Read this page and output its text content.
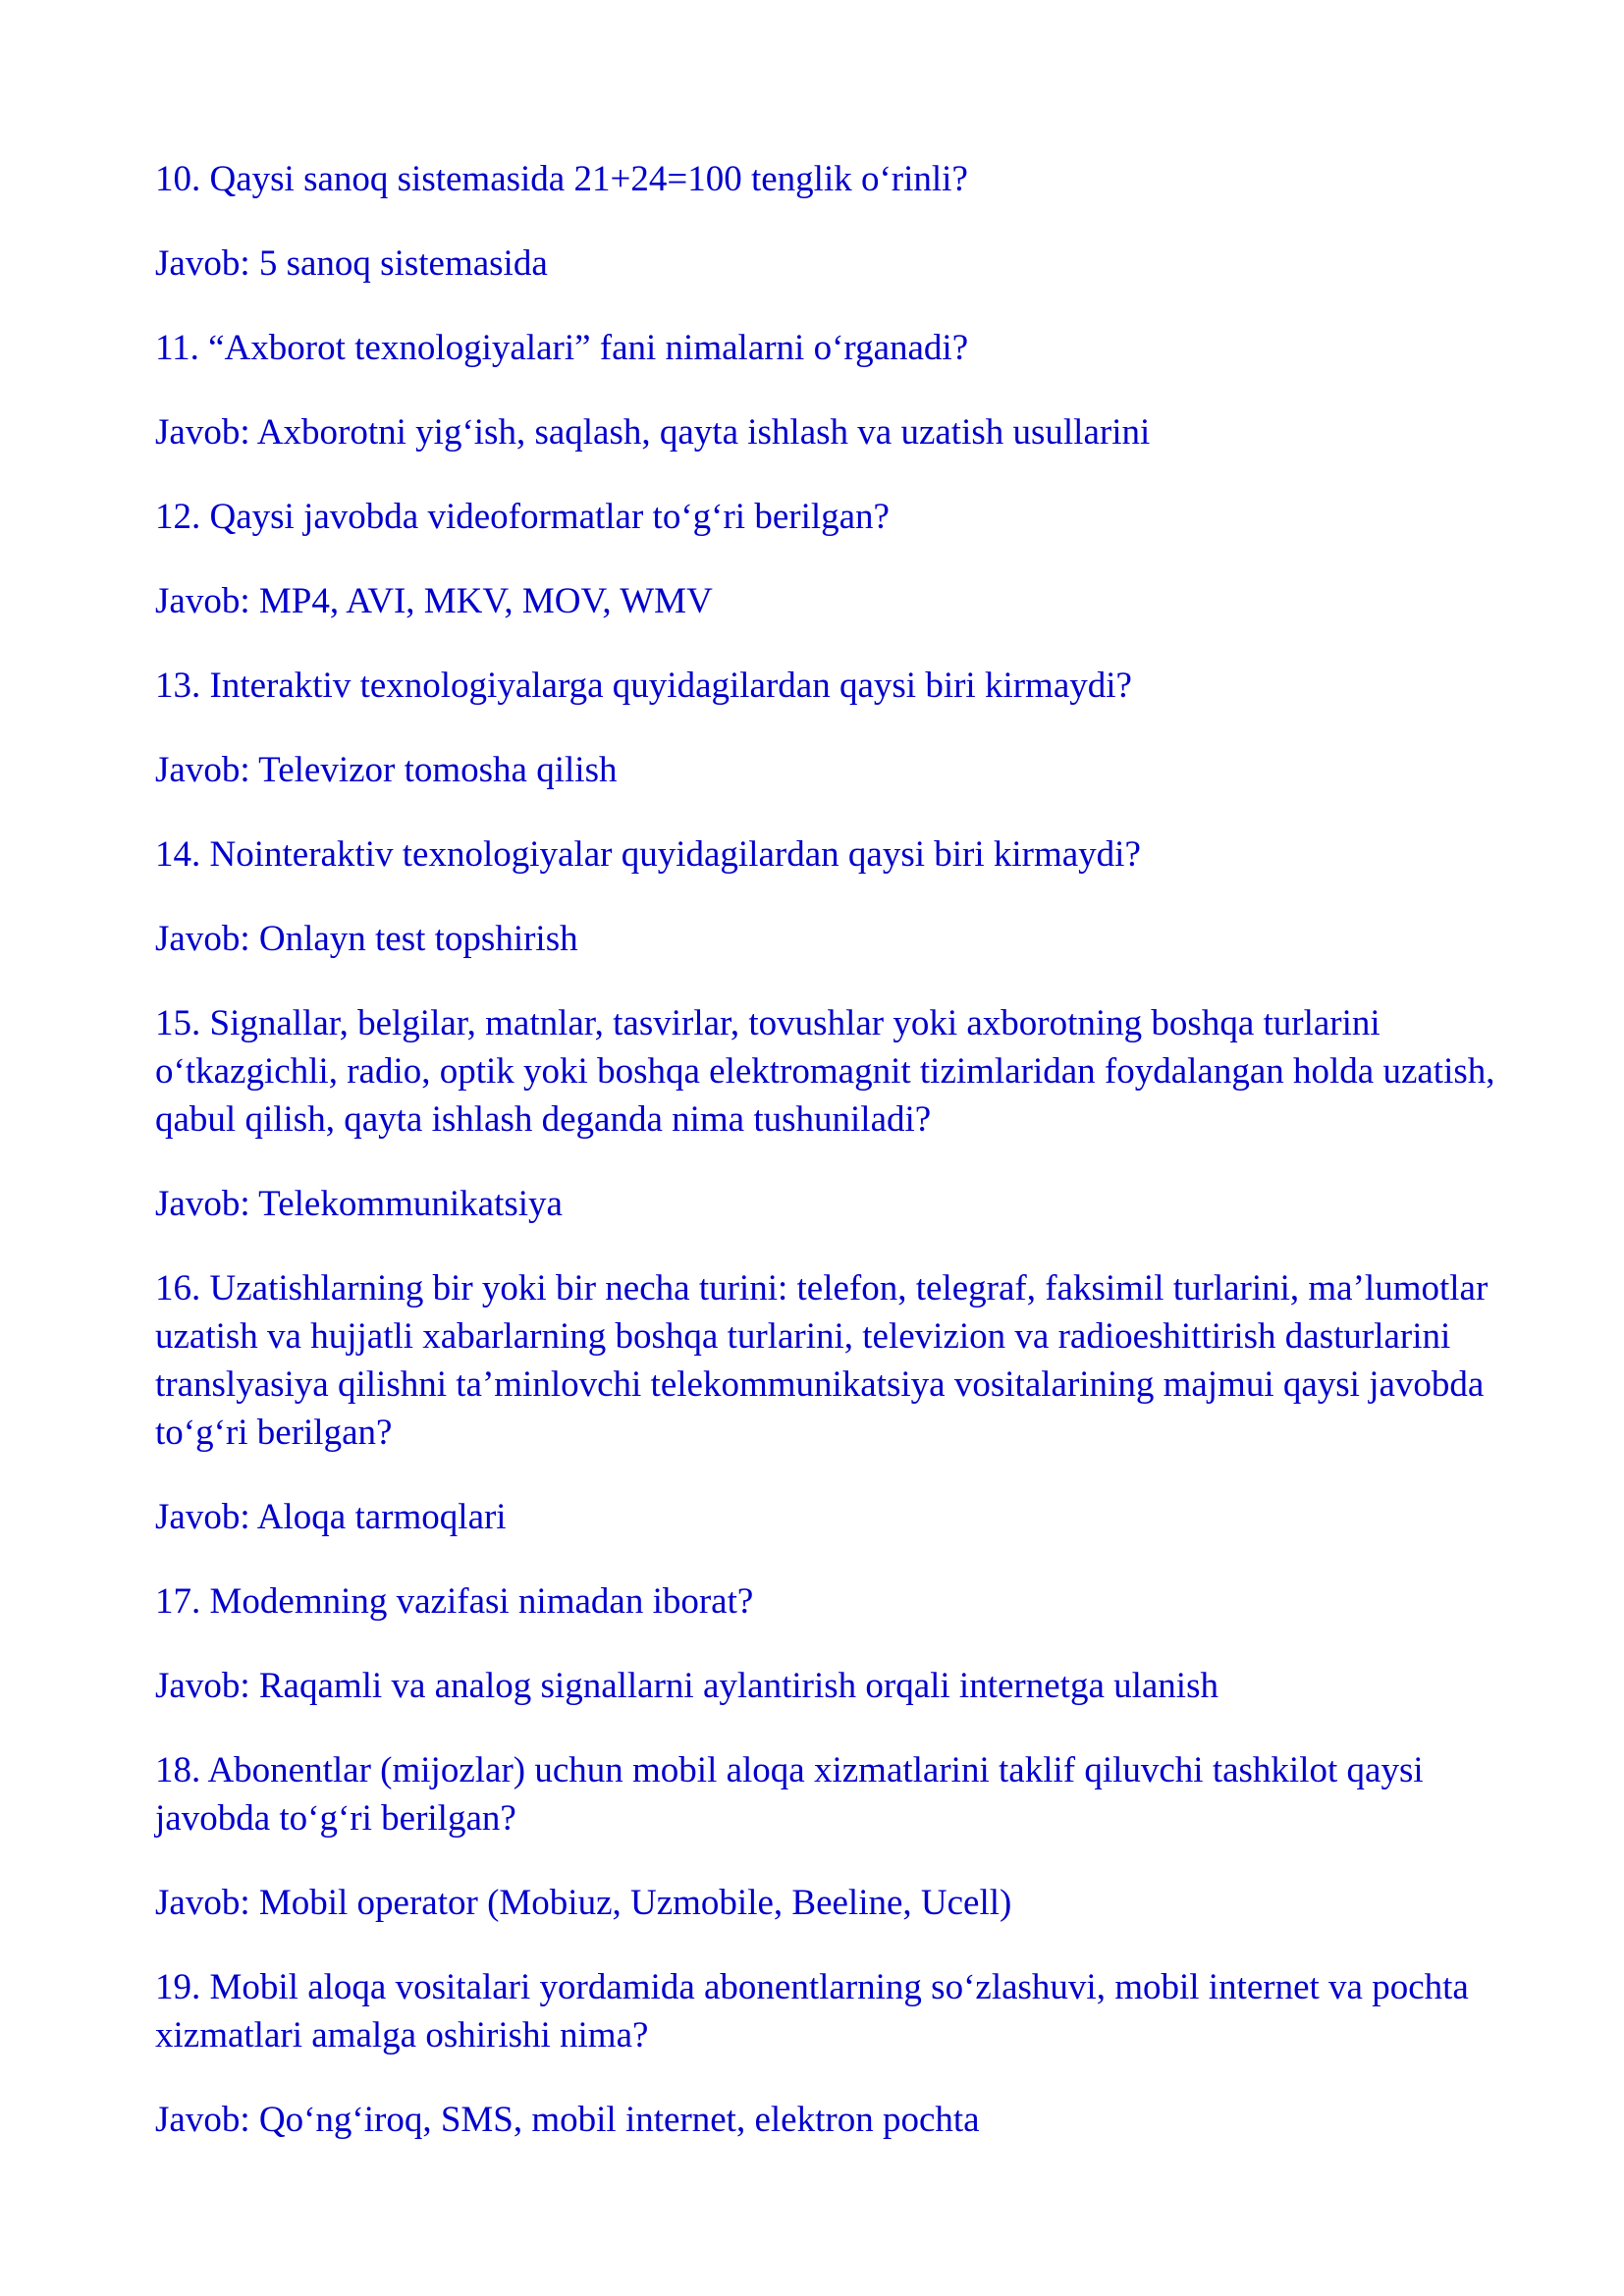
10. Qaysi sanoq sistemasida 21+24=100 tenglik o‘rinli?

Javob: 5 sanoq sistemasida

11. “Axborot texnologiyalari” fani nimalarni o‘rganadi?

Javob: Axborotni yig‘ish, saqlash, qayta ishlash va uzatish usullarini

12. Qaysi javobda videoformatlar to‘g‘ri berilgan?

Javob: MP4, AVI, MKV, MOV, WMV

13. Interaktiv texnologiyalarga quyidagilardan qaysi biri kirmaydi?

Javob: Televizor tomosha qilish

14. Nointeraktiv texnologiyalar quyidagilardan qaysi biri kirmaydi?

Javob: Onlayn test topshirish

15. Signallar, belgilar, matnlar, tasvirlar, tovushlar yoki axborotning boshqa turlarini o‘tkazgichli, radio, optik yoki boshqa elektromagnit tizimlaridan foydalangan holda uzatish, qabul qilish, qayta ishlash deganda nima tushuniladi?

Javob: Telekommunikatsiya

16. Uzatishlarning bir yoki bir necha turini: telefon, telegraf, faksimil turlarini, ma’lumotlar uzatish va hujjatli xabarlarning boshqa turlarini, televizion va radioeshittirish dasturlarini translyasiya qilishni ta’minlovchi telekommunikatsiya vositalarining majmui qaysi javobda to‘g‘ri berilgan?

Javob: Aloqa tarmoqlari

17. Modemning vazifasi nimadan iborat?

Javob: Raqamli va analog signallarni aylantirish orqali internetga ulanish

18. Abonentlar (mijozlar) uchun mobil aloqa xizmatlarini taklif qiluvchi tashkilot qaysi javobda to‘g‘ri berilgan?

Javob: Mobil operator (Mobiuz, Uzmobile, Beeline, Ucell)

19. Mobil aloqa vositalari yordamida abonentlarning so‘zlashuvi, mobil internet va pochta xizmatlari amalga oshirishi nima?

Javob: Qo‘ng‘iroq, SMS, mobil internet, elektron pochta
